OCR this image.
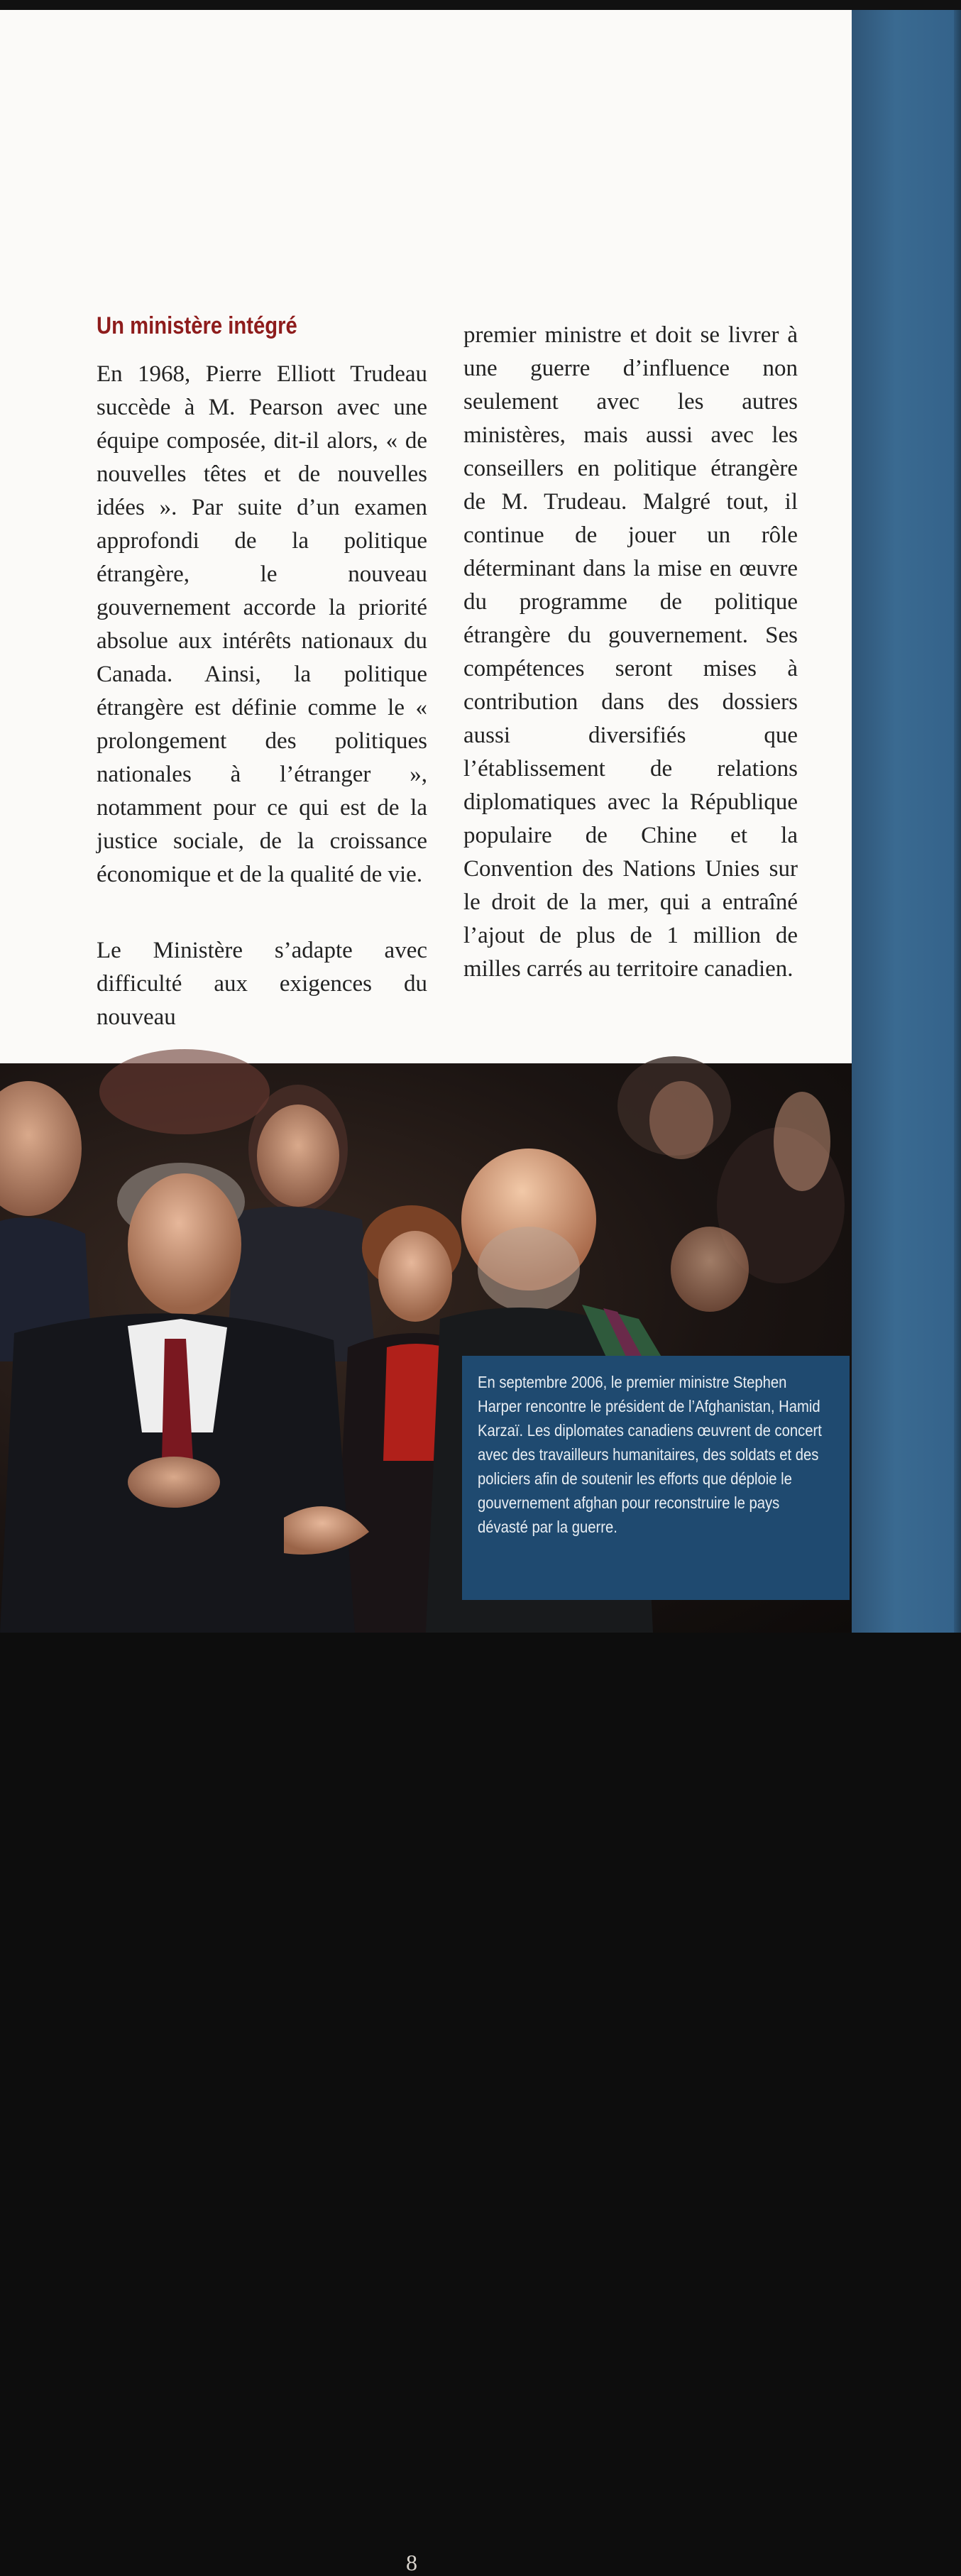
Un ministère intégré

En 1968, Pierre Elliott Trudeau succède à M. Pearson avec une équipe composée, dit-il alors, « de nouvelles têtes et de nouvelles idées ». Par suite d’un examen approfondi de la politique étrangère, le nouveau gouvernement accorde la priorité absolue aux intérêts nationaux du Canada. Ainsi, la politique étrangère est définie comme le « prolongement des politiques nationales à l’étranger », notamment pour ce qui est de la justice sociale, de la croissance économique et de la qualité de vie.

Le Ministère s’adapte avec difficulté aux exigences du nouveau

premier ministre et doit se livrer à une guerre d’influence non seulement avec les autres ministères, mais aussi avec les conseillers en politique étrangère de M. Trudeau. Malgré tout, il continue de jouer un rôle déterminant dans la mise en œuvre du programme de politique étrangère du gouvernement. Ses compétences seront mises à contribution dans des dossiers aussi diversifiés que l’établissement de relations diplomatiques avec la République populaire de Chine et la Convention des Nations Unies sur le droit de la mer, qui a entraîné l’ajout de plus de 1 million de milles carrés au territoire canadien.

8

En septembre 2006, le premier ministre Stephen Harper rencontre le président de l’Afghanistan, Hamid Karzaï. Les diplomates canadiens œuvrent de concert avec des travailleurs humanitaires, des soldats et des policiers afin de soutenir les efforts que déploie le gouvernement afghan pour reconstruire le pays dévasté par la guerre.
